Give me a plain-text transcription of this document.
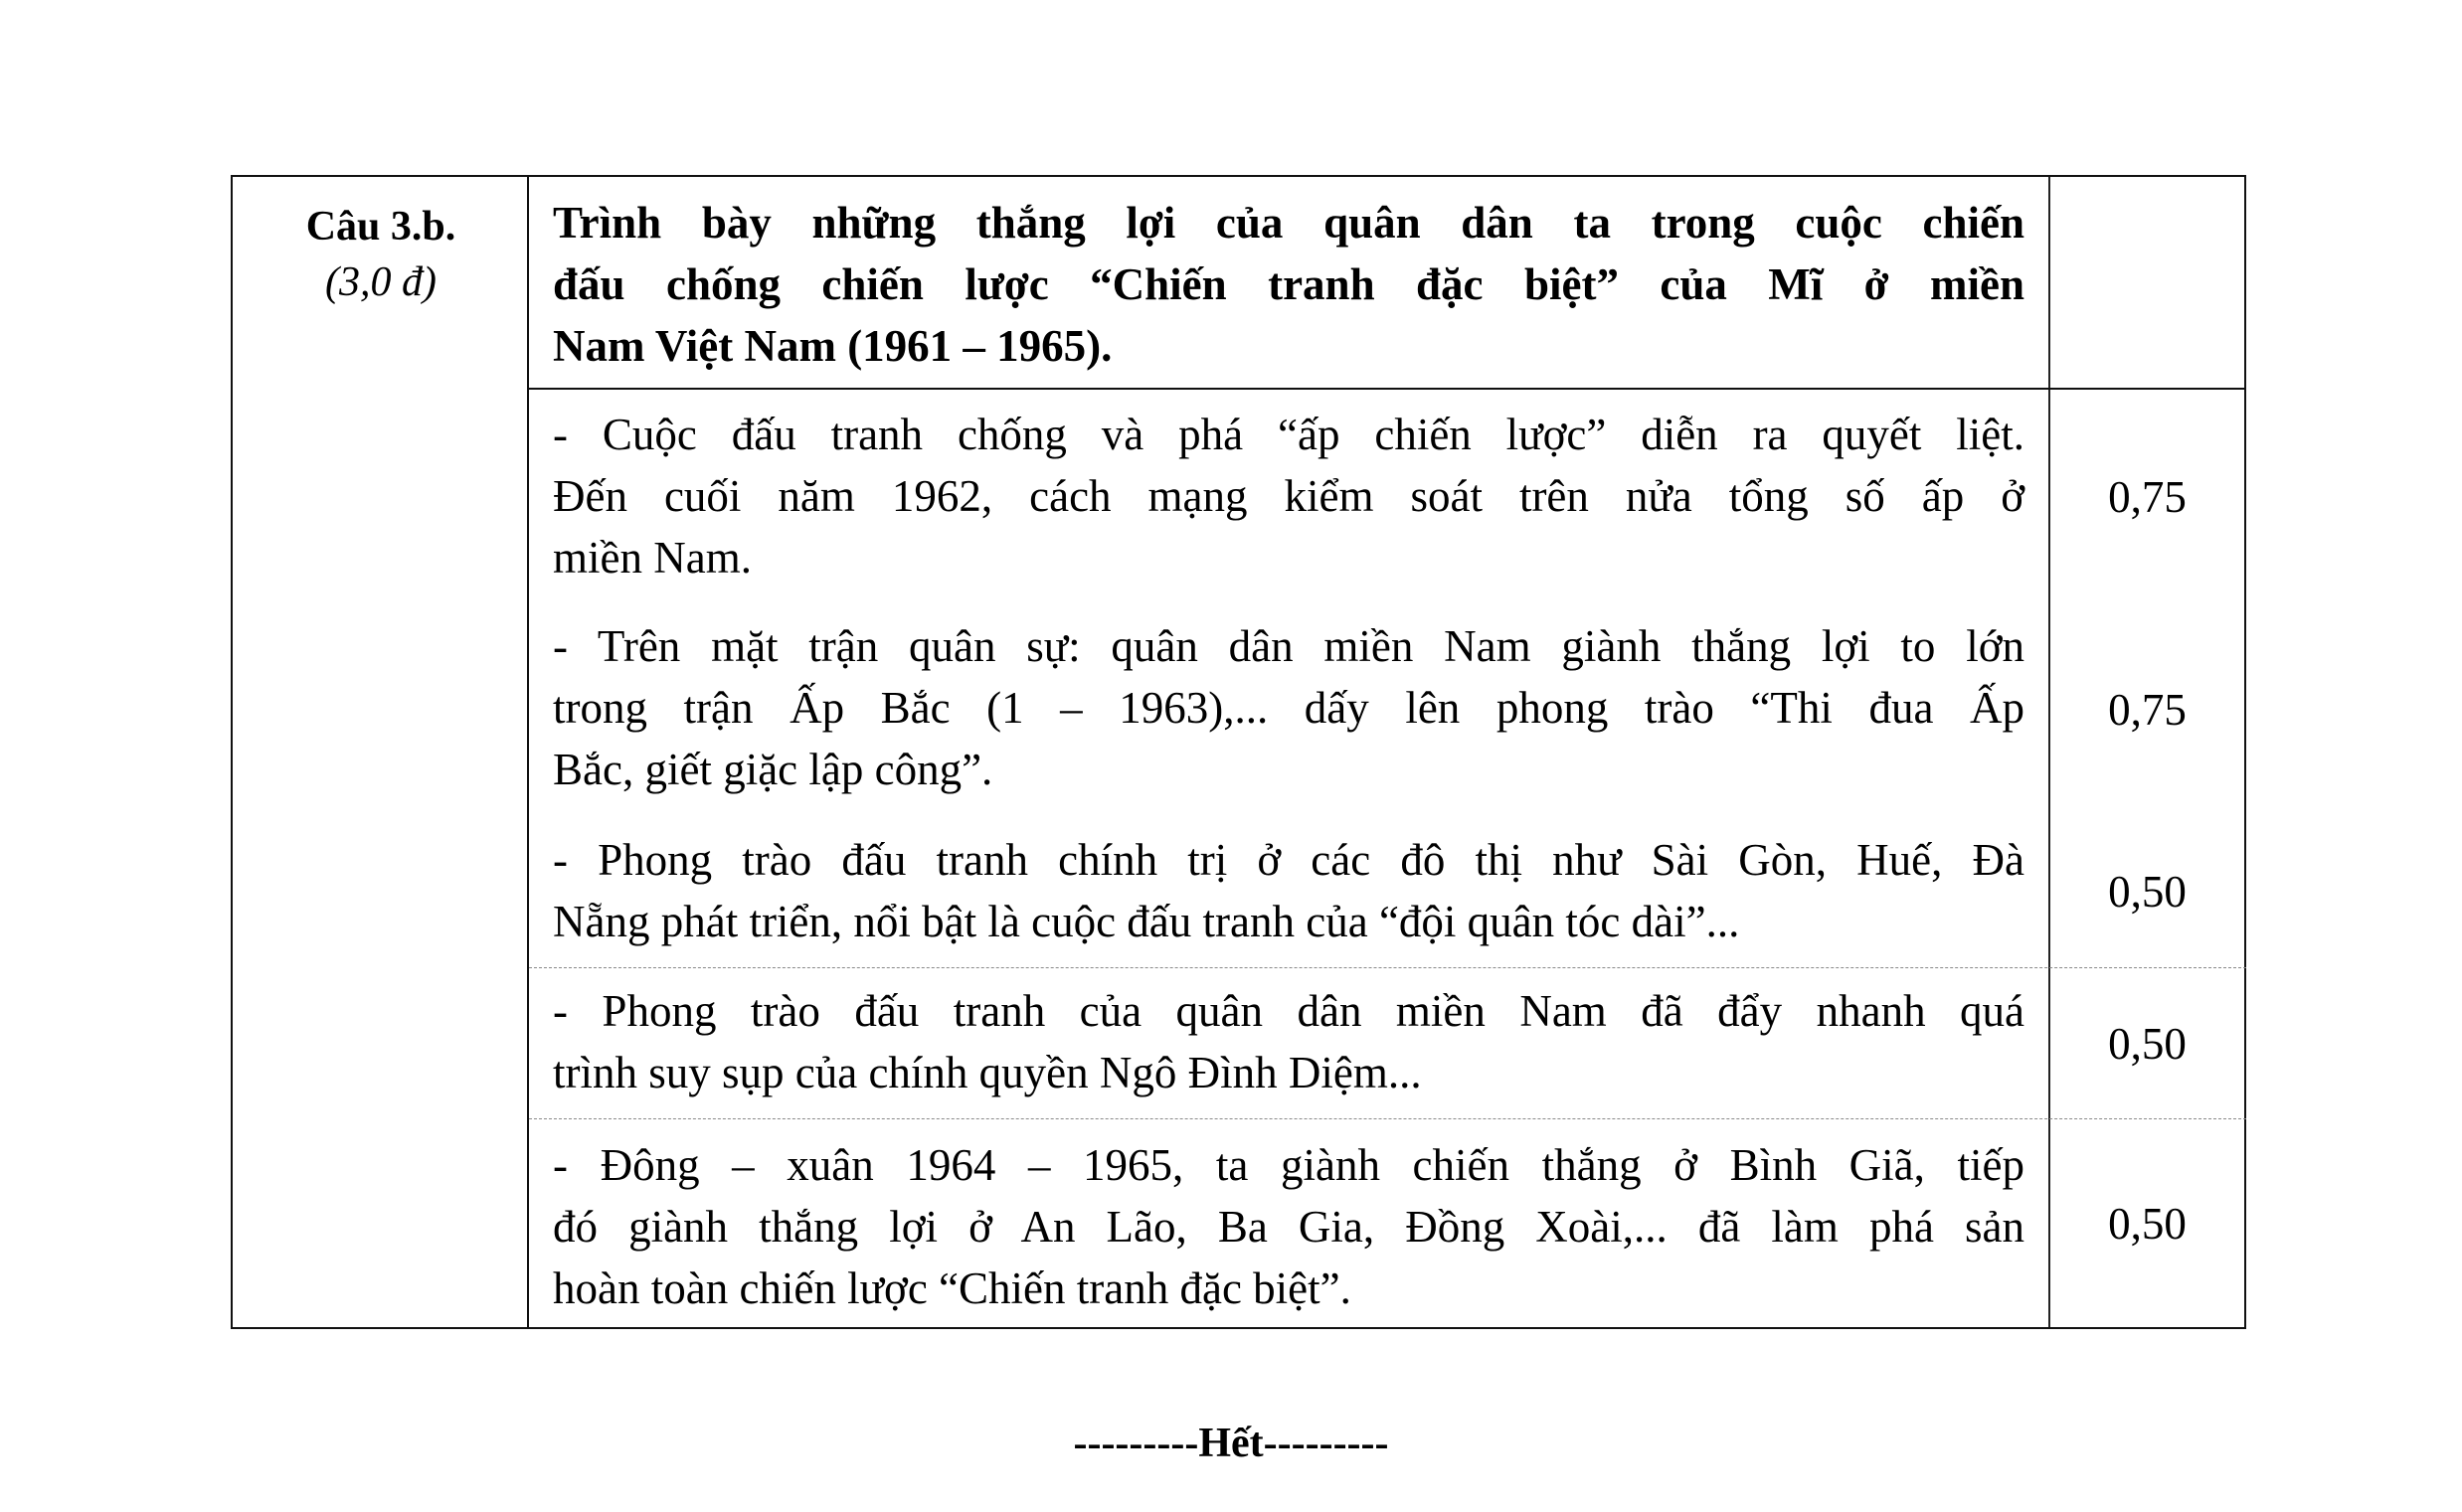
Câu 3.b.
(3,0 đ)
Trình bày những thắng lợi của quân dân ta trong cuộc chiến
đấu chống chiến lược “Chiến tranh đặc biệt” của Mĩ ở miền
Nam Việt Nam (1961 – 1965).
- Cuộc đấu tranh chống và phá “ấp chiến lược” diễn ra quyết liệt.
Đến cuối năm 1962, cách mạng kiểm soát trên nửa tổng số ấp ở
miền Nam.
0,75
- Trên mặt trận quân sự: quân dân miền Nam giành thắng lợi to lớn
trong trận Ấp Bắc (1 – 1963),... dấy lên phong trào “Thi đua Ấp
Bắc, giết giặc lập công”.
0,75
- Phong trào đấu tranh chính trị ở các đô thị như Sài Gòn, Huế, Đà
Nẵng phát triển, nổi bật là cuộc đấu tranh của “đội quân tóc dài”...
0,50
- Phong trào đấu tranh của quân dân miền Nam đã đẩy nhanh quá
trình suy sụp của chính quyền Ngô Đình Diệm...
0,50
- Đông – xuân 1964 – 1965, ta giành chiến thắng ở Bình Giã, tiếp
đó giành thắng lợi ở An Lão, Ba Gia, Đồng Xoài,... đã làm phá sản
hoàn toàn chiến lược “Chiến tranh đặc biệt”.
0,50
---------Hết---------
